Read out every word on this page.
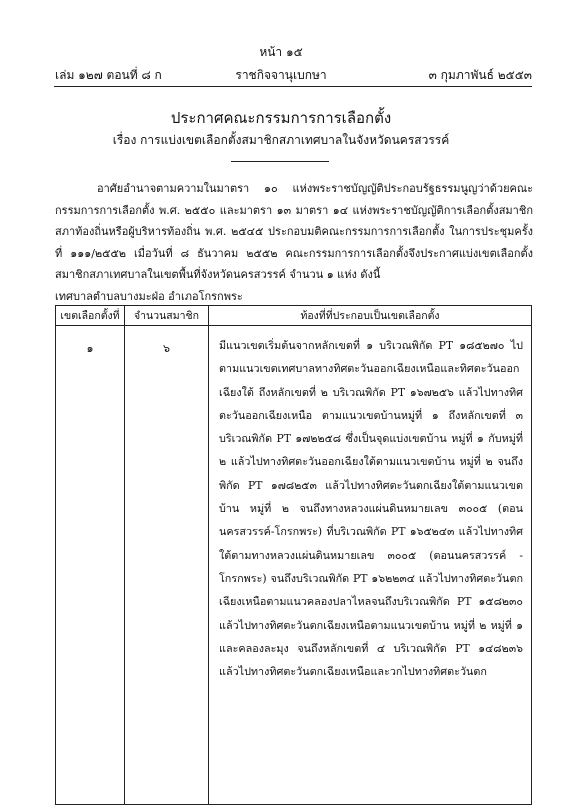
หน้า ๑๕
เล่ม ๑๒๗ ตอนที่ ๘ ก	ราชกิจจานุเบกษา	๓ กุมภาพันธ์ ๒๕๕๓
ประกาศคณะกรรมการการเลือกตั้ง
เรื่อง การแบ่งเขตเลือกตั้งสมาชิกสภาเทศบาลในจังหวัดนครสวรรค์
อาศัยอำนาจตามความในมาตรา ๑๐ แห่งพระราชบัญญัติประกอบรัฐธรรมนูญว่าด้วยคณะกรรมการการเลือกตั้ง พ.ศ. ๒๕๕๐ และมาตรา ๑๓ มาตรา ๑๔ แห่งพระราชบัญญัติการเลือกตั้งสมาชิกสภาท้องถิ่นหรือผู้บริหารท้องถิ่น พ.ศ. ๒๕๔๕ ประกอบมติคณะกรรมการการเลือกตั้ง ในการประชุมครั้งที่ ๑๑๑/๒๕๕๒ เมื่อวันที่ ๘ ธันวาคม ๒๕๕๒ คณะกรรมการการเลือกตั้งจึงประกาศแบ่งเขตเลือกตั้งสมาชิกสภาเทศบาลในเขตพื้นที่จังหวัดนครสวรรค์ จำนวน ๑ แห่ง ดังนี้
เทศบาลตำบลบางมะฝ่อ อำเภอโกรกพระ
เขตเลือกตั้งที่	จำนวนสมาชิก	ท้องที่ที่ประกอบเป็นเขตเลือกตั้ง
๑	๖	มีแนวเขตเริ่มต้นจากหลักเขตที่ ๑ บริเวณพิกัด PT ๑๘๕๒๗๐ ไปตามแนวเขตเทศบาลทางทิศตะวันออกเฉียงเหนือและทิศตะวันออกเฉียงใต้ ถึงหลักเขตที่ ๒ บริเวณพิกัด PT ๑๖๗๒๕๖ แล้วไปทางทิศตะวันออกเฉียงเหนือ ตามแนวเขตบ้านหมู่ที่ ๑ ถึงหลักเขตที่ ๓ บริเวณพิกัด PT ๑๗๒๒๕๘ ซึ่งเป็นจุดแบ่งเขตบ้าน หมู่ที่ ๑ กับหมู่ที่ ๒ แล้วไปทางทิศตะวันออกเฉียงใต้ตามแนวเขตบ้าน หมู่ที่ ๒ จนถึงพิกัด PT ๑๗๘๒๕๓ แล้วไปทางทิศตะวันตกเฉียงใต้ตามแนวเขตบ้าน หมู่ที่ ๒ จนถึงทางหลวงแผ่นดินหมายเลข ๓๐๐๕ (ตอนนครสวรรค์-โกรกพระ) ที่บริเวณพิกัด PT ๑๖๕๒๔๓ แล้วไปทางทิศใต้ตามทางหลวงแผ่นดินหมายเลข ๓๐๐๕ (ตอนนครสวรรค์ - โกรกพระ) จนถึงบริเวณพิกัด PT ๑๖๒๒๓๔ แล้วไปทางทิศตะวันตกเฉียงเหนือตามแนวคลองปลาไหลจนถึงบริเวณพิกัด PT ๑๕๘๒๓๐ แล้วไปทางทิศตะวันตกเฉียงเหนือตามแนวเขตบ้าน หมู่ที่ ๒ หมู่ที่ ๑ และคลองละมุง จนถึงหลักเขตที่ ๔ บริเวณพิกัด PT ๑๔๘๒๓๖ แล้วไปทางทิศตะวันตกเฉียงเหนือและวกไปทางทิศตะวันตก
